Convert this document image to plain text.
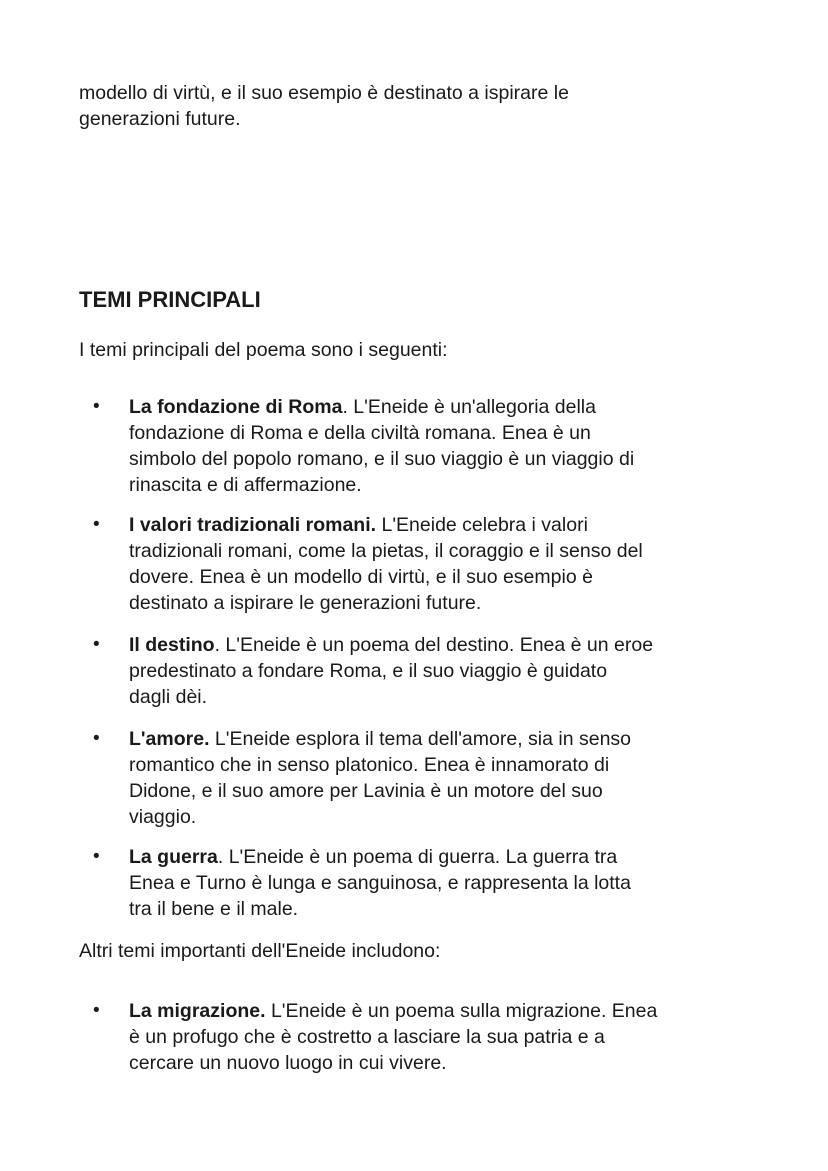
modello di virtù, e il suo esempio è destinato a ispirare le
generazioni future.
TEMI PRINCIPALI
I temi principali del poema sono i seguenti:
• La fondazione di Roma. L'Eneide è un'allegoria della
fondazione di Roma e della civiltà romana. Enea è un
simbolo del popolo romano, e il suo viaggio è un viaggio di
rinascita e di affermazione.
• I valori tradizionali romani. L'Eneide celebra i valori
tradizionali romani, come la pietas, il coraggio e il senso del
dovere. Enea è un modello di virtù, e il suo esempio è
destinato a ispirare le generazioni future.
• Il destino. L'Eneide è un poema del destino. Enea è un eroe
predestinato a fondare Roma, e il suo viaggio è guidato
dagli dèi.
• L'amore. L'Eneide esplora il tema dell'amore, sia in senso
romantico che in senso platonico. Enea è innamorato di
Didone, e il suo amore per Lavinia è un motore del suo
viaggio.
• La guerra. L'Eneide è un poema di guerra. La guerra tra
Enea e Turno è lunga e sanguinosa, e rappresenta la lotta
tra il bene e il male.
Altri temi importanti dell'Eneide includono:
• La migrazione. L'Eneide è un poema sulla migrazione. Enea
è un profugo che è costretto a lasciare la sua patria e a
cercare un nuovo luogo in cui vivere.
